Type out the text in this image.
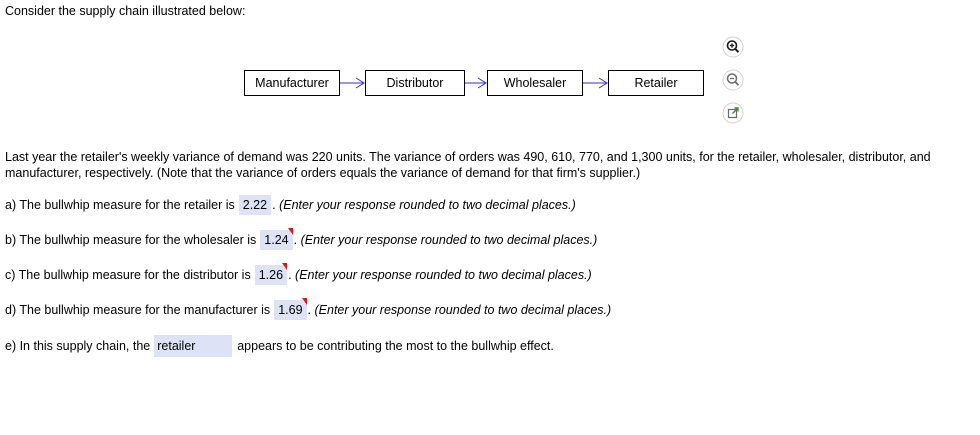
Consider the supply chain illustrated below:

Manufacturer	Distributor	Wholesaler	Retailer

Last year the retailer's weekly variance of demand was 220 units. The variance of orders was 490, 610, 770, and 1,300 units, for the retailer, wholesaler, distributor, and manufacturer, respectively. (Note that the variance of orders equals the variance of demand for that firm's supplier.)

a) The bullwhip measure for the retailer is 2.22 .
(Enter your response rounded to two decimal places.)
b) The bullwhip measure for the wholesaler is 1.24 .
(Enter your response rounded to two decimal places.)
c) The bullwhip measure for the distributor is 1.26 .
(Enter your response rounded to two decimal places.)
d) The bullwhip measure for the manufacturer is 1.69 .
(Enter your response rounded to two decimal places.)
e) In this supply chain, the retailer	appears to be contributing the most to the bullwhip effect.
